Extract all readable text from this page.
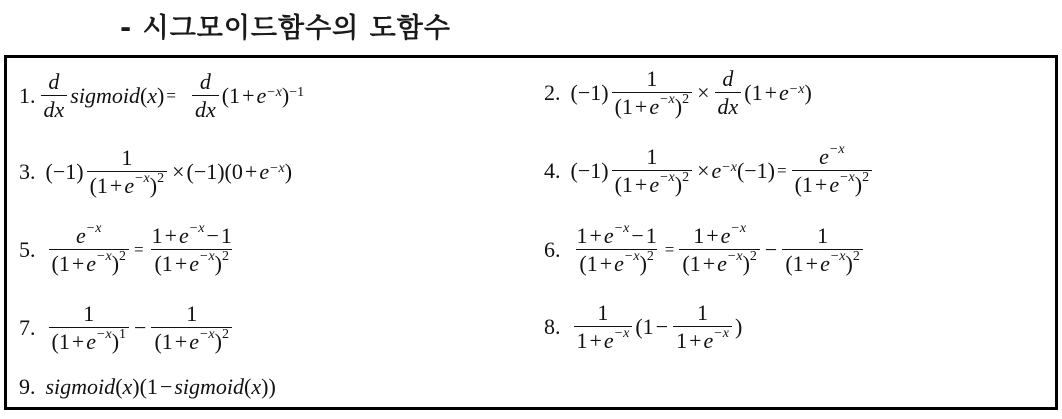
- 시그모이드함수의 도함수
1. $\frac{d}{dx}$ sigmoid ( x ) = $\frac{d}{dx} (1 + e^{-x}$ )$^{-1}$	2. $(-1) \frac{1}{(1+e^{-x})^2} \times \frac{d}{dx} (1 + e^{-x}$ )
3. $(-1) \frac{1}{(1+e^{-x})^2} \times (-1)(0 + e^{-x}$ )	4. $(-1) \frac{1}{(1+e^{-x})^2} \times e^{-x}$ $(-1) = \frac{e^{-x}}{(1+e^{-x})^2}$
5. $\frac{e^{-x}}{(1+e^{-x})^2} = \frac{1+e^{-x}-1}{(1+e^{-x})^2}$	6. $\frac{1+e^{-x}-1}{(1+e^{-x})^2} = \frac{1+e^{-x}}{(1+e^{-x})^2} - \frac{1}{(1+e^{-x})^2}$
7. $\frac{1}{(1+e^{-x})^1} - \frac{1}{(1+e^{-x})^2}$	8. $\frac{1}{1+e^{-x}} (1 - \frac{1}{1+e^{-x}}$ )
9. sigmoid ( x )(1 − sigmoid ( x ))
